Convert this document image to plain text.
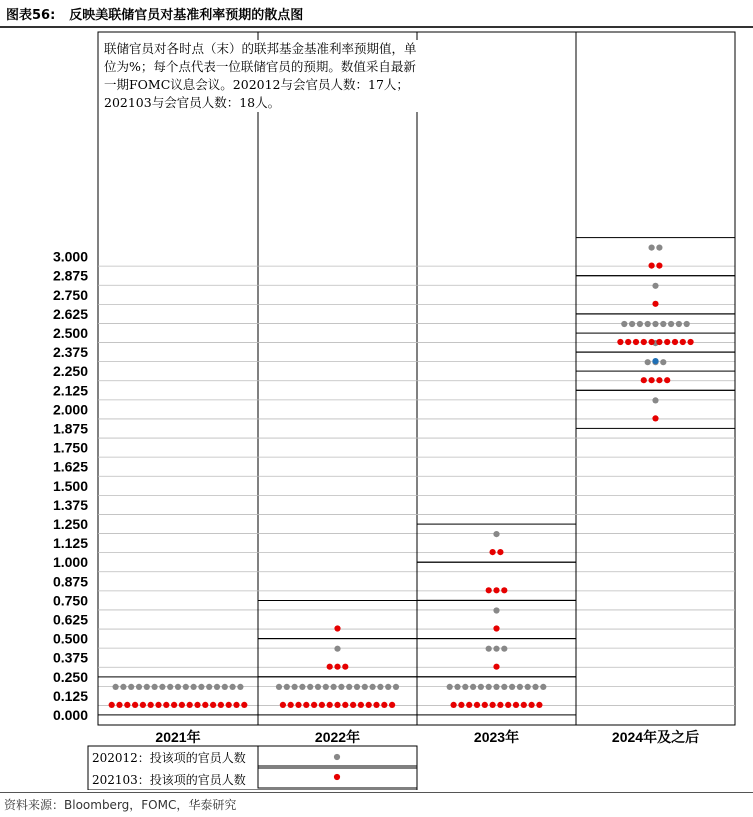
图表56: 反映美联储官员对基准利率预期的散点图
3.000
2.875
2.750
2.625
2.500
2.375
2.250
2.125
2.000
1.875
1.750
1.625
1.500
1.375
1.250
1.125
1.000
0.875
0.750
0.625
0.500
0.375
0.250
0.125
0.000
2021年	2022年	2023年	2024年及之后
联储官员对各时点（末）的联邦基金基准利率预期值，单位为%；每个点代表一位联储官员的预期。数值采自最新一期FOMC议息会议。202012与会官员人数：17人；202103与会官员人数：18人。
202012：投该项的官员人数
202103：投该项的官员人数
资料来源：Bloomberg，FOMC，华泰研究
